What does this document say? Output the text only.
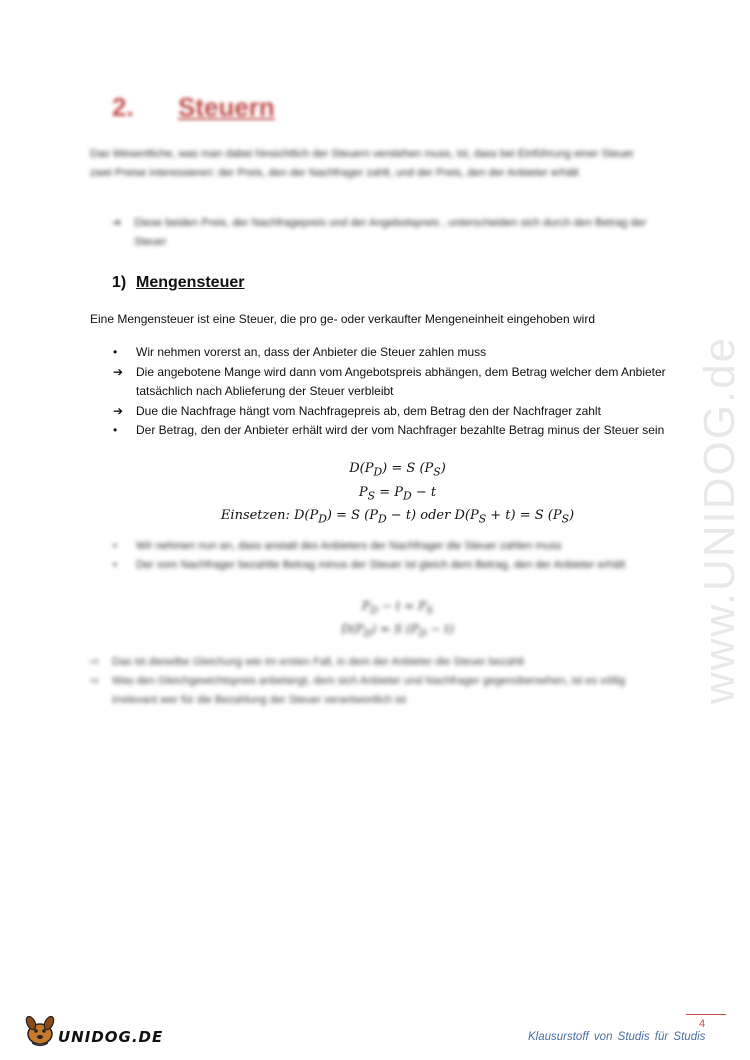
www.UNIDOG.de
2. Steuern
Das Wesentliche, was man dabei hinsichtlich der Steuern verstehen muss, ist, dass bei Einführung einer Steuer zwei Preise interessieren: der Preis, den der Nachfrager zahlt, und der Preis, den der Anbieter erhält
➔ Diese beiden Preis, der Nachfragepreis und der Angebotspreis , unterscheiden sich durch den Betrag der Steuer
1) Mengensteuer
Eine Mengensteuer ist eine Steuer, die pro ge- oder verkaufter Mengeneinheit eingehoben wird
•	Wir nehmen vorerst an, dass der Anbieter die Steuer zahlen muss
➔	Die angebotene Mange wird dann vom Angebotspreis abhängen, dem Betrag welcher dem Anbieter tatsächlich nach Ablieferung der Steuer verbleibt
➔	Due die Nachfrage hängt vom Nachfragepreis ab, dem Betrag den der Nachfrager zahlt
•	Der Betrag, den der Anbieter erhält wird der vom Nachfrager bezahlte Betrag minus der Steuer sein
$D(P_D) = S$ $(P_S)$
$P_S = P_D - t$
Einsetzen: $D(P_D) = S$ $(P_D - t)$ oder $D(P_S + t) = S$ $(P_S)$
• Wir nehmen nun an, dass anstatt des Anbieters der Nachfrager die Steuer zahlen muss
• Der vom Nachfrager bezahlte Betrag minus der Steuer ist gleich dem Betrag, den der Anbieter erhält
$P_D - t = P_S$
$D(P_D) = S$ $(P_D - t)$
⇨ Das ist dieselbe Gleichung wie im ersten Fall, in dem der Anbieter die Steuer bezahlt
⇨ Was den Gleichgewichtspreis anbelangt, dem sich Anbieter und Nachfrager gegenübersehen, ist es völlig irrelevant wer für die Bezahlung der Steuer verantwortlich ist
UNIDOG.DE
4
Klausurstoff von Studis für Studis
